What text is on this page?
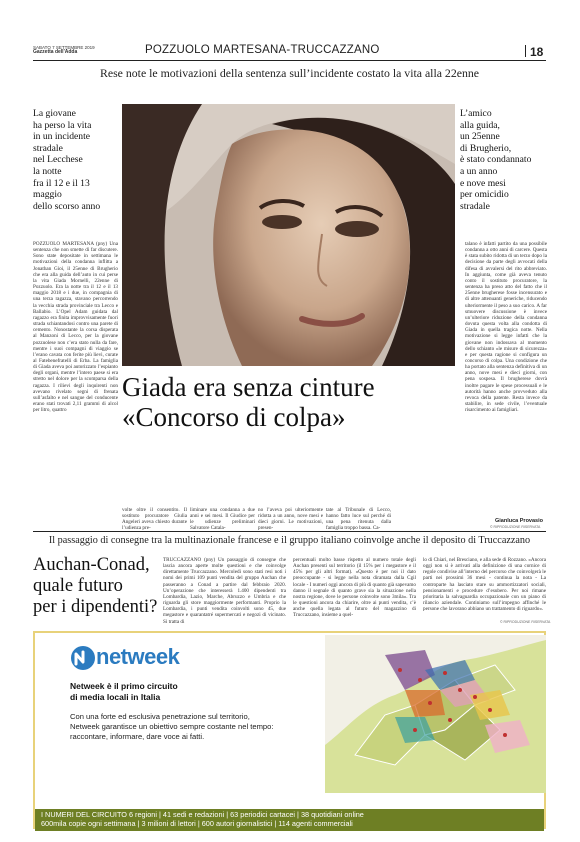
SABATO 7 SETTEMBRE 2019
Gazzetta dell'Adda	POZZUOLO MARTESANA-TRUCCAZZANO	18
Rese note le motivazioni della sentenza sull’incidente costato la vita alla 22enne
La giovane
ha perso la vita
in un incidente
stradale
nel Lecchese
la notte
fra il 12 e il 13
maggio
dello scorso anno
L’amico
alla guida,
un 25enne
di Brugherio,
è stato condannato
a un anno
e nove mesi
per omicidio
stradale
POZZUOLO MARTESANA (pny) Una sentenza che non smette di far discutere. Sono state depositate in settimana le motivazioni della condanna inflitta a Jonathan Gioi, il 25enne di Brugherio che era alla guida dell’auto in cui perse la vita Giada Mornelli, 22enne di Pozzuolo. Era la notte tra il 12 e il 13 maggio 2018 e i due, in compagnia di una terza ragazza, stavano percorrendo la vecchia strada provinciale tra Lecco e Ballabio. L’Opel Adam guidata dal ragazzo era finita improvvisamente fuori strada schiantandosi contro una parete di cemento. Nonostante la corsa disperata al Manzoni di Lecco, per la giovane pozzuolese non c’era stato nulla da fare, mentre i suoi compagni di viaggio se l’erano cavata con ferite più lievi, curate al Fatebenefratelli di Erba. La famiglia di Giada aveva poi autorizzato l’espianto degli organi, mentre l’intero paese si era stretto nel dolore per la scomparsa della ragazza. I rilievi degli inquirenti non avevano rivelato segni di frenata sull’asfalto e nel sangue del conducente erano stati trovati 2,11 grammi di alcol per litro, quattro
Giada era senza cinture
«Concorso di colpa»
volte oltre il consentito. Il sostituto procuratore Giulia Angeleri aveva chiesto durante l’udienza pre-
liminare una condanna a due anni e sei mesi. Il Giudice per le udienze preliminari Salvatore Catala-
no l’aveva poi ulteriormente ridotta a un anno, nove mesi e dieci giorni. Le motivazioni, presen-
tate al Tribunale di Lecco, hanno fatto luce sul perché di una pena ritenuta dalla famiglia troppo bassa. Ca-
talano è infatti partito da una possibile condanna a otto anni di carcere. Questa è stata subito ridotta di un terzo dopo la decisione da parte degli avvocati della difesa di avvalersi del rito abbreviato. In aggiunta, come già aveva tenuto conto il sostituto procuratore, la sentenza ha preso atto del fatto che il 25enne brugherese fosse incensurato e di altre attenuanti generiche, riducendo ulteriormente il peso a suo carico. A far smuovere discussione è invece un’ulteriore riduzione della condanna dovuta questa volta alla condotta di Giada in quella tragica notte. Nella motivazione si legge infatti che la giovane non indossava al momento dello schianto «le misure di sicurezza» e per questa ragione si configura un concorso di colpa. Una condizione che ha portato alla sentenza definitiva di un anno, nove mesi e dieci giorni, con pena sospesa. Il brugherese dovrà inoltre pagare le spese processuali e le autorità hanno anche provveduto alla revoca della patente. Resta invece da stabilire, in sede civile, l’eventuale risarcimento ai famigliari.
Gianluca Provasio
© RIPRODUZIONE RISERVATA
Il passaggio di consegne tra la multinazionale francese e il gruppo italiano coinvolge anche il deposito di Truccazzano
Auchan-Conad,
quale futuro
per i dipendenti?
TRUCCAZZANO (pny) Un passaggio di consegne che lascia ancora aperte molte questioni e che coinvolge direttamente Truccazzano. Mercoledì sono stati resi noti i nomi dei primi 109 punti vendita del gruppo Auchan che passeranno a Conad a partire dal febbraio 2020. Un’operazione che interesserà 1.400 dipendenti tra Lombardia, Lazio, Marche, Abruzzo e Umbria e che riguarda gli store maggiormente performanti. Proprio la Lombardia, i punti vendita coinvolti sono 45, due megastore e quarantatré supermercati e negozi di vicinato. Si tratta di
percentuali molto basse rispetto al numero totale degli Auchan presenti sul territorio (il 15% per i megastore e il 45% per gli altri format). «Questo è per noi il dato preoccupante - si legge nella nota diramata dalla Cgil locale - I numeri oggi ancora di più di quanto già sapevamo danno il segnale di quanto grave sia la situazione nella nostra regione, dove le persone coinvolte sono 3mila». Tra le questioni ancora da chiarire, oltre ai punti vendita, c’è anche quella legata al futuro del magazzino di Truccazzano, insieme a quel-
lo di Chiari, nel Bresciano, e alla sede di Rozzano. «Ancora oggi non si è arrivati alla definizione di una cornice di regole condivise all’interno del percorso che coinvolgerà le parti nei prossimi 36 mesi - continua la nota - La controparte ha lasciato stare su ammortizzatori sociali, pensionamenti e procedure d’esubero. Per noi rimane prioritaria la salvaguardia occupazionale con un piano di rilancio aziendale. Continiamo sull’impegno affinché le persone che lavorano abbiano un trattamento di riguardo».
© RIPRODUZIONE RISERVATA
netweek
Netweek è il primo circuito
di media locali in Italia
Con una forte ed esclusiva penetrazione sul territorio,
Netweek garantisce un obiettivo sempre costante nel tempo:
raccontare, informare, dare voce ai fatti.
I NUMERI DEL CIRCUITO 6 regioni | 41 sedi e redazioni | 63 periodici cartacei | 38 quotidiani online
600mila copie ogni settimana | 3 milioni di lettori | 600 autori giornalistici | 114 agenti commerciali
